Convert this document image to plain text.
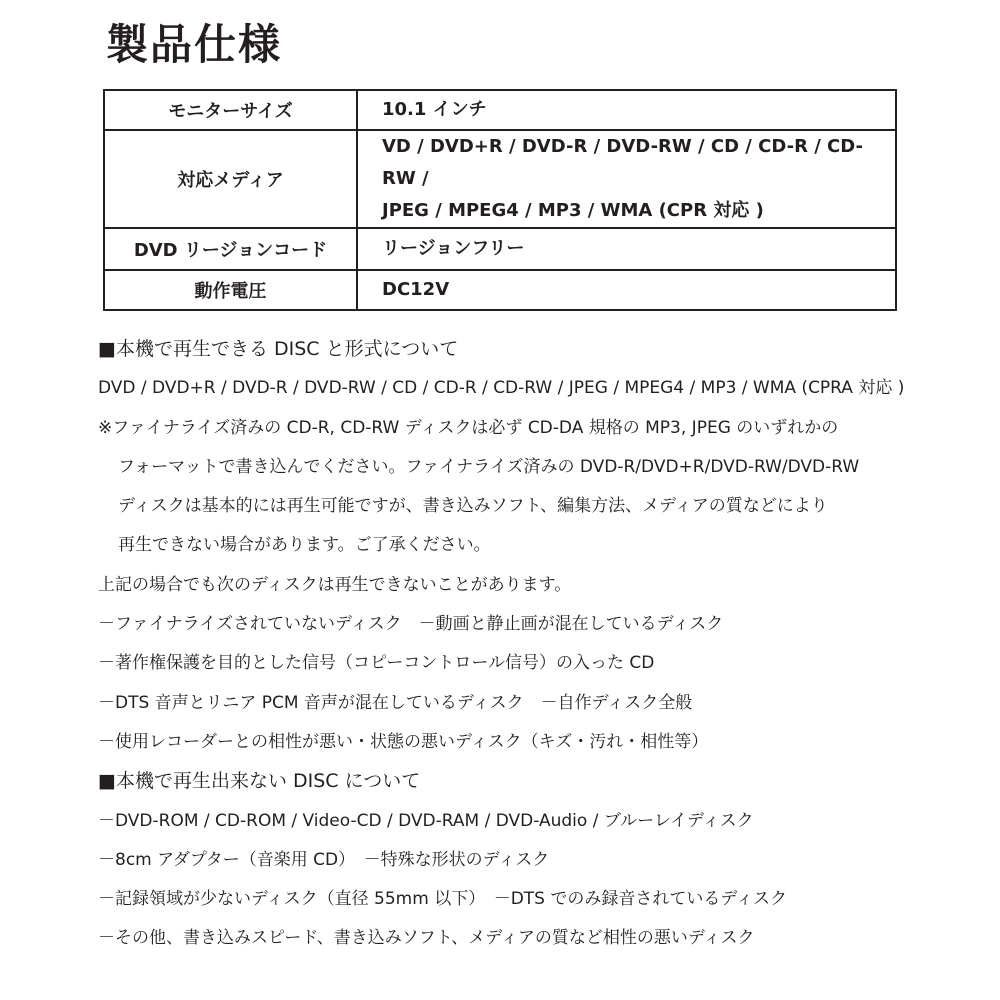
製品仕様
モニターサイズ	10.1 インチ

対応メディア	VD / DVD+R / DVD-R / DVD-RW / CD / CD-R / CD-RW /
JPEG / MPEG4 / MP3 / WMA (CPR 対応 )

DVD リージョンコード	リージョンフリー

動作電圧	DC12V
■本機で再生できる DISC と形式について
DVD / DVD+R / DVD-R / DVD-RW / CD / CD-R / CD-RW / JPEG / MPEG4 / MP3 / WMA (CPRA 対応 )
※ファイナライズ済みの CD-R, CD-RW ディスクは必ず CD-DA 規格の MP3, JPEG のいずれかの
フォーマットで書き込んでください。ファイナライズ済みの DVD-R/DVD+R/DVD-RW/DVD-RW
ディスクは基本的には再生可能ですが、書き込みソフト、編集方法、メディアの質などにより
再生できない場合があります。ご了承ください。
上記の場合でも次のディスクは再生できないことがあります。
－ファイナライズされていないディスク　－動画と静止画が混在しているディスク
－著作権保護を目的とした信号（コピーコントロール信号）の入った CD
－DTS 音声とリニア PCM 音声が混在しているディスク　－自作ディスク全般
－使用レコーダーとの相性が悪い・状態の悪いディスク（キズ・汚れ・相性等）
■本機で再生出来ない DISC について
－DVD-ROM / CD-ROM / Video-CD / DVD-RAM / DVD-Audio / ブルーレイディスク
－8cm アダプター（音楽用 CD）　－特殊な形状のディスク
－記録領域が少ないディスク（直径 55mm 以下）　－DTS でのみ録音されているディスク
－その他、書き込みスピード、書き込みソフト、メディアの質など相性の悪いディスク
